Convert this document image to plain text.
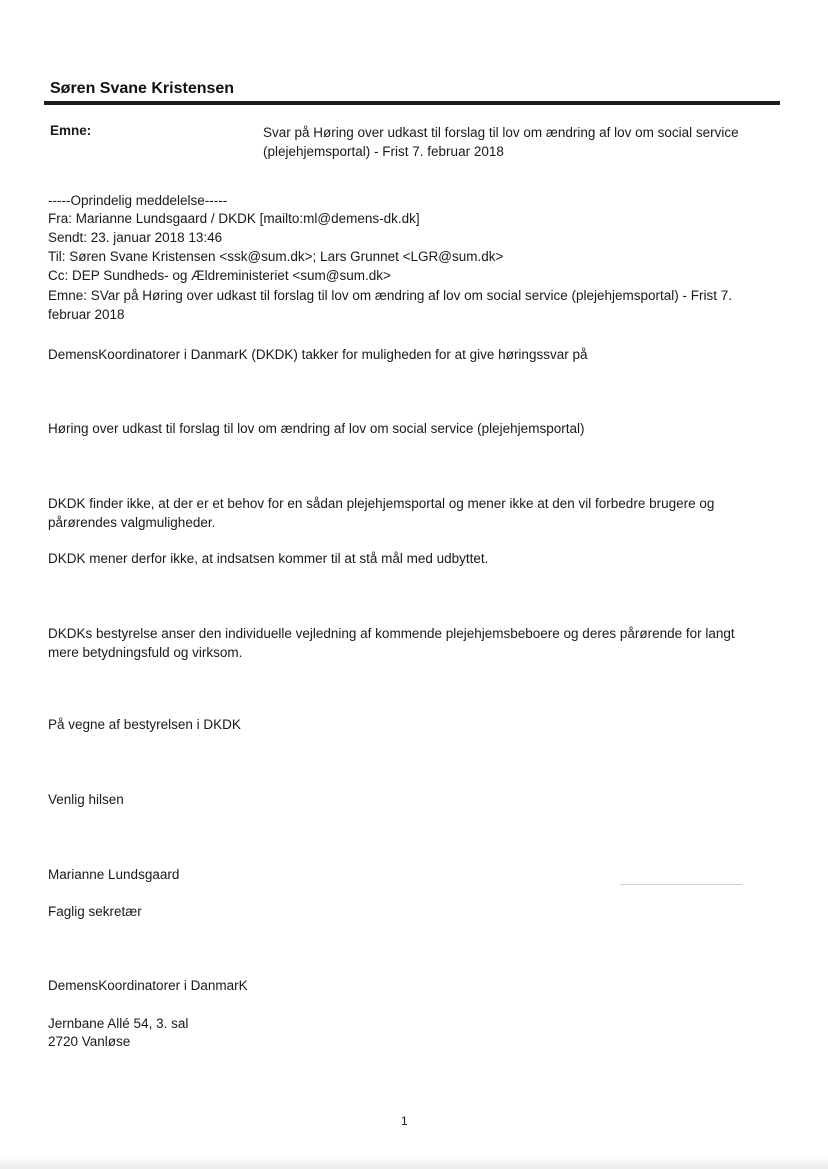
Søren Svane Kristensen
Emne:	Svar på Høring over udkast til forslag til lov om ændring af lov om social service (plejehjemsportal) - Frist 7. februar 2018
-----Oprindelig meddelelse-----
Fra: Marianne Lundsgaard / DKDK [mailto:ml@demens-dk.dk]
Sendt: 23. januar 2018 13:46
Til: Søren Svane Kristensen <ssk@sum.dk>; Lars Grunnet <LGR@sum.dk>
Cc: DEP Sundheds- og Ældreministeriet <sum@sum.dk>
Emne: SVar på Høring over udkast til forslag til lov om ændring af lov om social service (plejehjemsportal) - Frist 7. februar 2018
DemensKoordinatorer i DanmarK (DKDK) takker for muligheden for at give høringssvar på
Høring over udkast til forslag til lov om ændring af lov om social service (plejehjemsportal)
DKDK finder ikke, at der er et behov for en sådan plejehjemsportal og mener ikke at den vil forbedre brugere og pårørendes valgmuligheder.
DKDK mener derfor ikke, at indsatsen kommer til at stå mål med udbyttet.
DKDKs bestyrelse anser den individuelle vejledning af kommende plejehjemsbeboere og deres pårørende for langt mere betydningsfuld og virksom.
På vegne af bestyrelsen i DKDK
Venlig hilsen
Marianne Lundsgaard
Faglig sekretær
DemensKoordinatorer i DanmarK
Jernbane Allé 54, 3. sal
2720 Vanløse
1
